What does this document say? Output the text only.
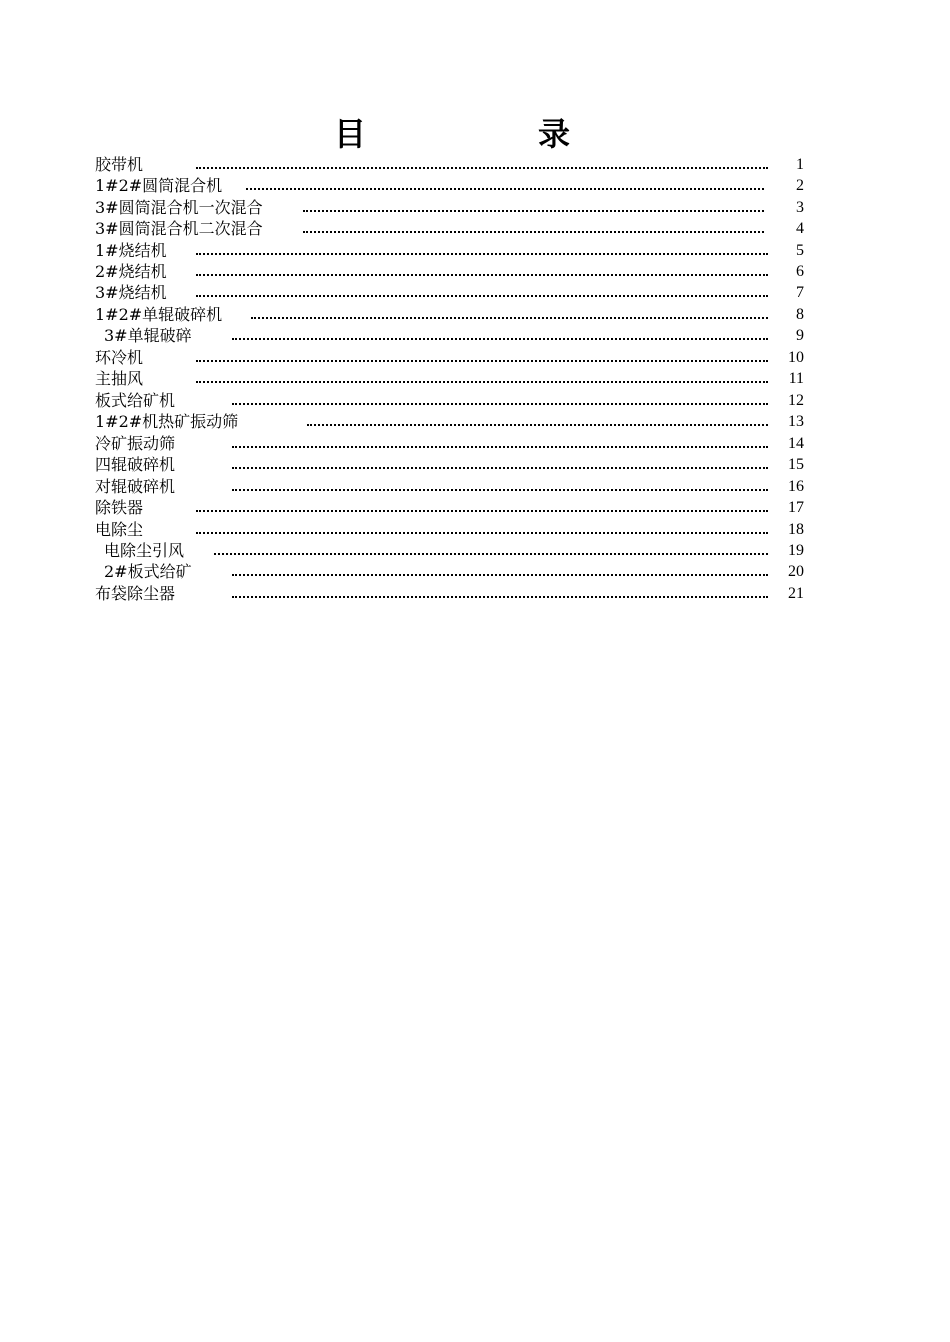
目	录
胶带机	1
1#2#圆筒混合机	2
3#圆筒混合机一次混合	3
3#圆筒混合机二次混合	4
1#烧结机	5
2#烧结机	6
3#烧结机	7
1#2#单辊破碎机	8
3#单辊破碎	9
环冷机	10
主抽风	11
板式给矿机	12
1#2#机热矿振动筛	13
冷矿振动筛	14
四辊破碎机	15
对辊破碎机	16
除铁器	17
电除尘	18
电除尘引风	19
2#板式给矿	20
布袋除尘器	21
